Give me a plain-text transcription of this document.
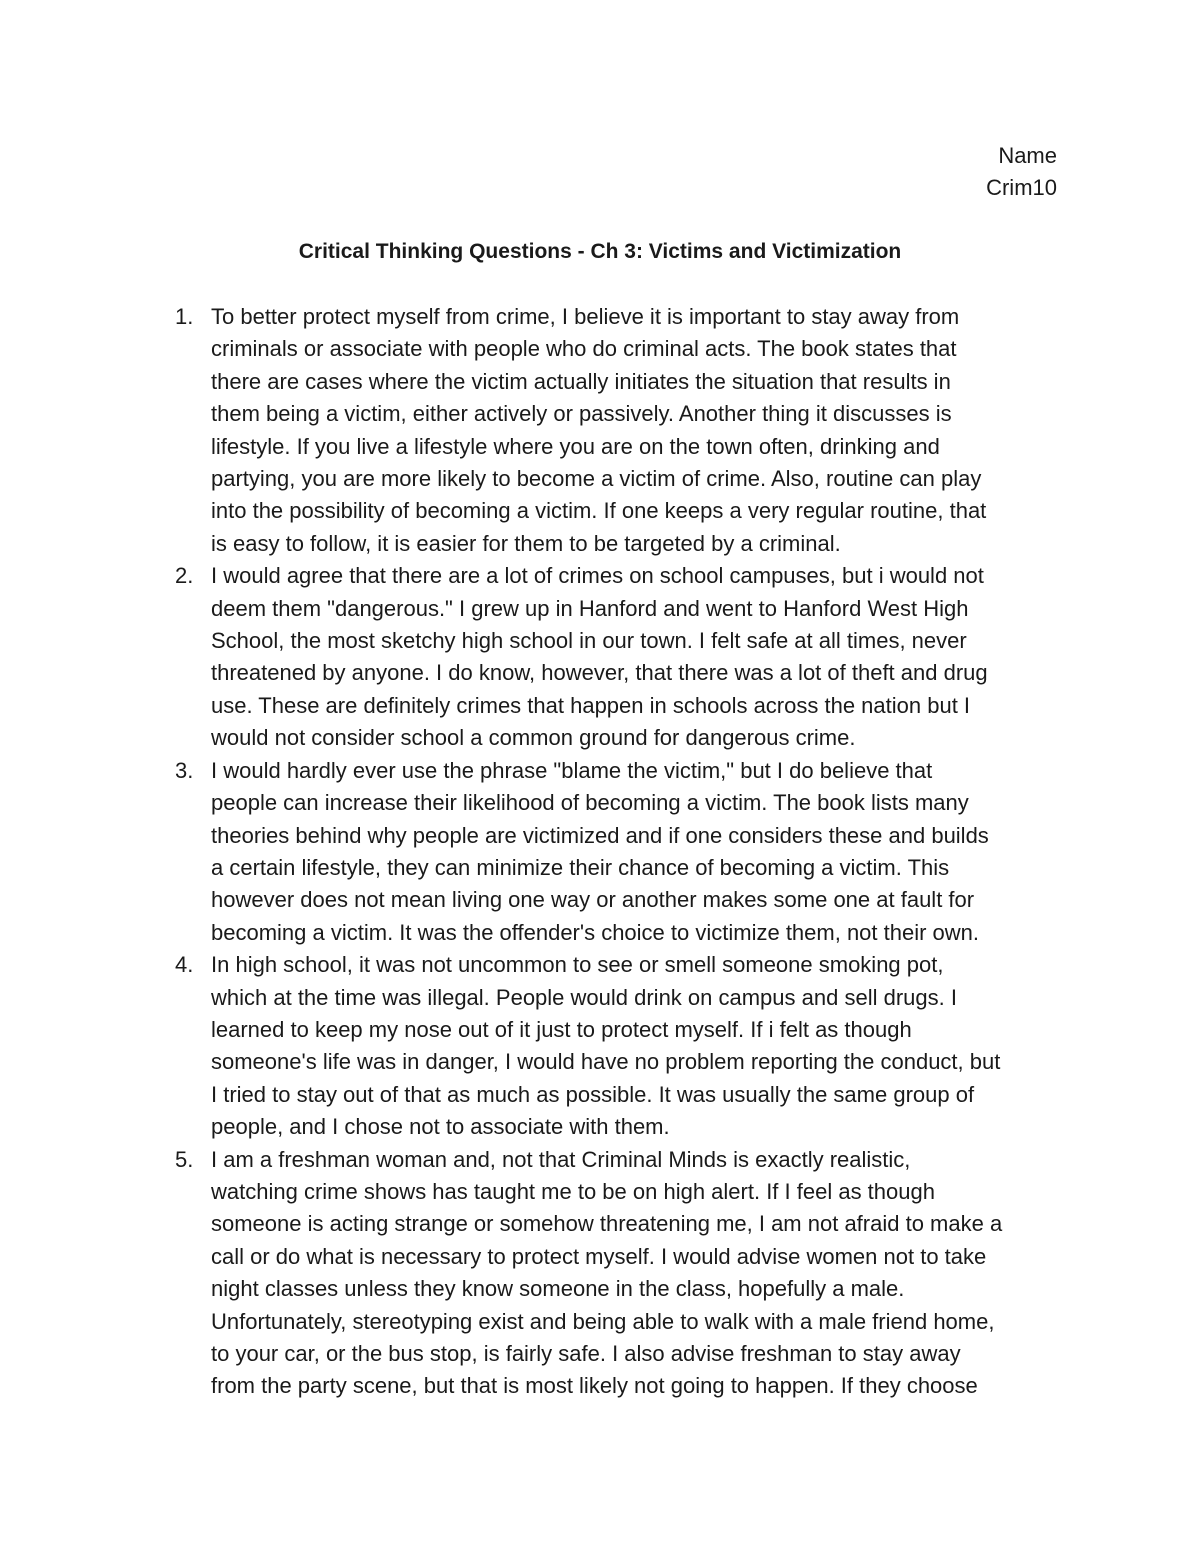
Name
Crim10
Critical Thinking Questions - Ch 3: Victims and Victimization
1. To better protect myself from crime, I believe it is important to stay away from
criminals or associate with people who do criminal acts. The book states that
there are cases where the victim actually initiates the situation that results in
them being a victim, either actively or passively. Another thing it discusses is
lifestyle. If you live a lifestyle where you are on the town often, drinking and
partying, you are more likely to become a victim of crime. Also, routine can play
into the possibility of becoming a victim. If one keeps a very regular routine, that
is easy to follow, it is easier for them to be targeted by a criminal.
2. I would agree that there are a lot of crimes on school campuses, but i would not
deem them "dangerous." I grew up in Hanford and went to Hanford West High
School, the most sketchy high school in our town. I felt safe at all times, never
threatened by anyone. I do know, however, that there was a lot of theft and drug
use. These are definitely crimes that happen in schools across the nation but I
would not consider school a common ground for dangerous crime.
3. I would hardly ever use the phrase "blame the victim," but I do believe that
people can increase their likelihood of becoming a victim. The book lists many
theories behind why people are victimized and if one considers these and builds
a certain lifestyle, they can minimize their chance of becoming a victim. This
however does not mean living one way or another makes some one at fault for
becoming a victim. It was the offender's choice to victimize them, not their own.
4. In high school, it was not uncommon to see or smell someone smoking pot,
which at the time was illegal. People would drink on campus and sell drugs. I
learned to keep my nose out of it just to protect myself. If i felt as though
someone's life was in danger, I would have no problem reporting the conduct, but
I tried to stay out of that as much as possible. It was usually the same group of
people, and I chose not to associate with them.
5. I am a freshman woman and, not that Criminal Minds is exactly realistic,
watching crime shows has taught me to be on high alert. If I feel as though
someone is acting strange or somehow threatening me, I am not afraid to make a
call or do what is necessary to protect myself. I would advise women not to take
night classes unless they know someone in the class, hopefully a male.
Unfortunately, stereotyping exist and being able to walk with a male friend home,
to your car, or the bus stop, is fairly safe. I also advise freshman to stay away
from the party scene, but that is most likely not going to happen. If they choose
